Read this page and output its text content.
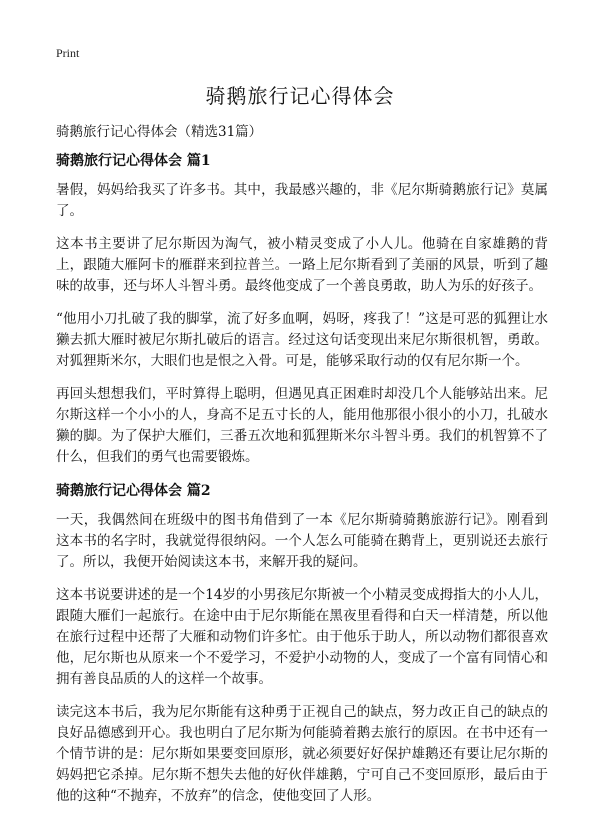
Print
骑鹅旅行记心得体会

骑鹅旅行记心得体会（精选31篇）

骑鹅旅行记心得体会 篇1

暑假，妈妈给我买了许多书。其中，我最感兴趣的，非《尼尔斯骑鹅旅行记》莫属了。

这本书主要讲了尼尔斯因为淘气，被小精灵变成了小人儿。他骑在自家雄鹅的背上，跟随大雁阿卡的雁群来到拉普兰。一路上尼尔斯看到了美丽的风景，听到了趣味的故事，还与坏人斗智斗勇。最终他变成了一个善良勇敢，助人为乐的好孩子。

“他用小刀扎破了我的脚掌，流了好多血啊，妈呀，疼我了！”这是可恶的狐狸让水獭去抓大雁时被尼尔斯扎破后的语言。经过这句话变现出来尼尔斯很机智，勇敢。对狐狸斯米尔，大眼们也是恨之入骨。可是，能够采取行动的仅有尼尔斯一个。

再回头想想我们，平时算得上聪明，但遇见真正困难时却没几个人能够站出来。尼尔斯这样一个小小的人，身高不足五寸长的人，能用他那很小很小的小刀，扎破水獭的脚。为了保护大雁们，三番五次地和狐狸斯米尔斗智斗勇。我们的机智算不了什么，但我们的勇气也需要锻炼。

骑鹅旅行记心得体会 篇2

一天，我偶然间在班级中的图书角借到了一本《尼尔斯骑骑鹅旅游行记》。刚看到这本书的名字时，我就觉得很纳闷。一个人怎么可能骑在鹅背上，更别说还去旅行了。所以，我便开始阅读这本书，来解开我的疑问。

这本书说要讲述的是一个14岁的小男孩尼尔斯被一个小精灵变成拇指大的小人儿，跟随大雁们一起旅行。在途中由于尼尔斯能在黑夜里看得和白天一样清楚，所以他在旅行过程中还帮了大雁和动物们许多忙。由于他乐于助人，所以动物们都很喜欢他，尼尔斯也从原来一个不爱学习，不爱护小动物的人，变成了一个富有同情心和拥有善良品质的人的这样一个故事。

读完这本书后，我为尼尔斯能有这种勇于正视自己的缺点，努力改正自己的缺点的良好品德感到开心。我也明白了尼尔斯为何能骑着鹅去旅行的原因。在书中还有一个情节讲的是：尼尔斯如果要变回原形，就必须要好好保护雄鹅还有要让尼尔斯的妈妈把它杀掉。尼尔斯不想失去他的好伙伴雄鹅，宁可自己不变回原形，最后由于他的这种“不抛弃，不放弃”的信念，使他变回了人形。
